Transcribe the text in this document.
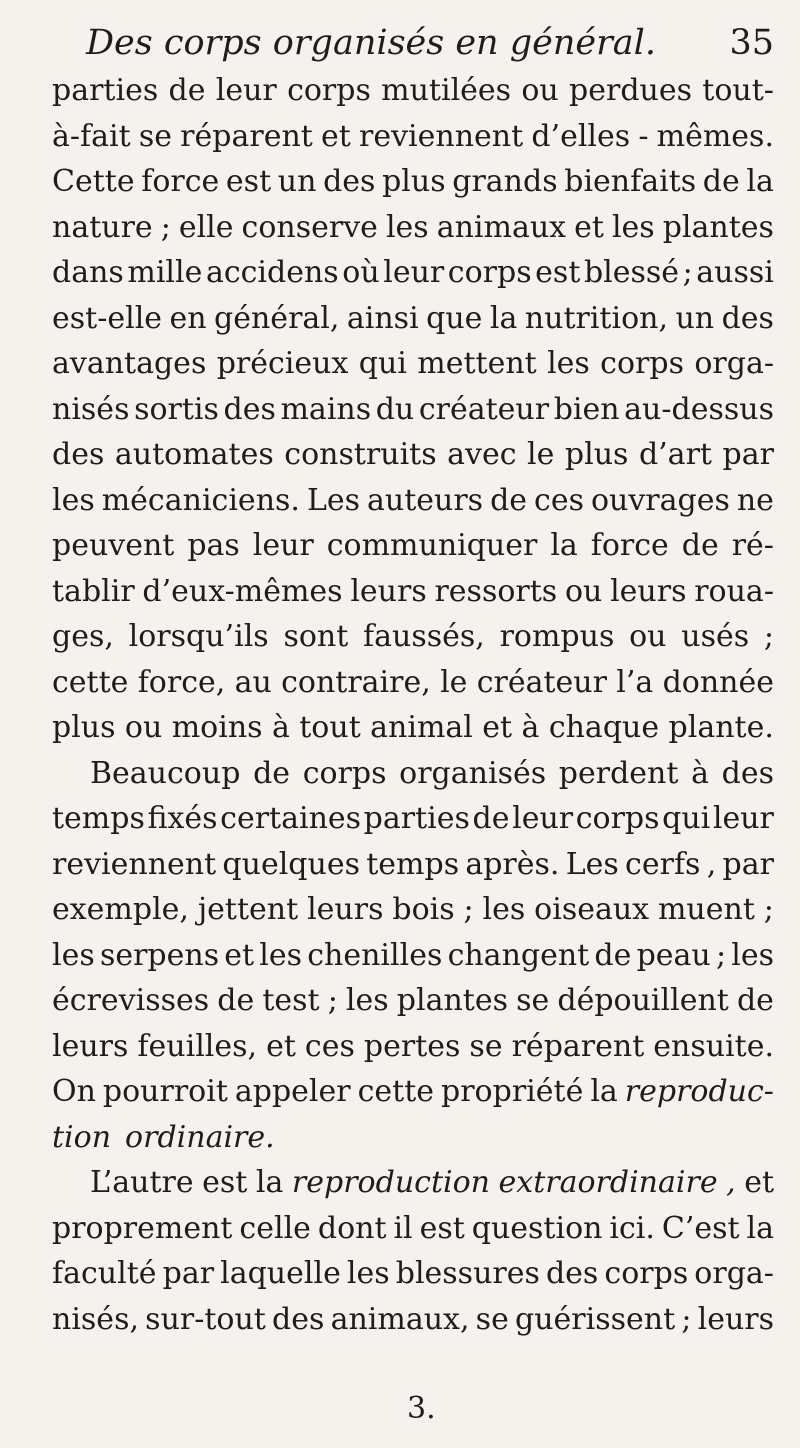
Des corps organisés en général. 35
parties de leur corps mutilées ou perdues tout-
à-fait se réparent et reviennent d’elles - mêmes.
Cette force est un des plus grands bienfaits de la
nature ; elle conserve les animaux et les plantes
dans mille accidens où leur corps est blessé ; aussi
est-elle en général, ainsi que la nutrition, un des
avantages précieux qui mettent les corps orga-
nisés sortis des mains du créateur bien au-dessus
des automates construits avec le plus d’art par
les mécaniciens. Les auteurs de ces ouvrages ne
peuvent pas leur communiquer la force de ré-
tablir d’eux-mêmes leurs ressorts ou leurs roua-
ges, lorsqu’ils sont faussés, rompus ou usés ;
cette force, au contraire, le créateur l’a donnée
plus ou moins à tout animal et à chaque plante.
Beaucoup de corps organisés perdent à des
temps fixés certaines parties de leur corps qui leur
reviennent quelques temps après. Les cerfs , par
exemple, jettent leurs bois ; les oiseaux muent ;
les serpens et les chenilles changent de peau ; les
écrevisses de test ; les plantes se dépouillent de
leurs feuilles, et ces pertes se réparent ensuite.
On pourroit appeler cette propriété la reproduc-
tion ordinaire.
L’autre est la reproduction extraordinaire , et
proprement celle dont il est question ici. C’est la
faculté par laquelle les blessures des corps orga-
nisés, sur-tout des animaux, se guérissent ; leurs
3.
